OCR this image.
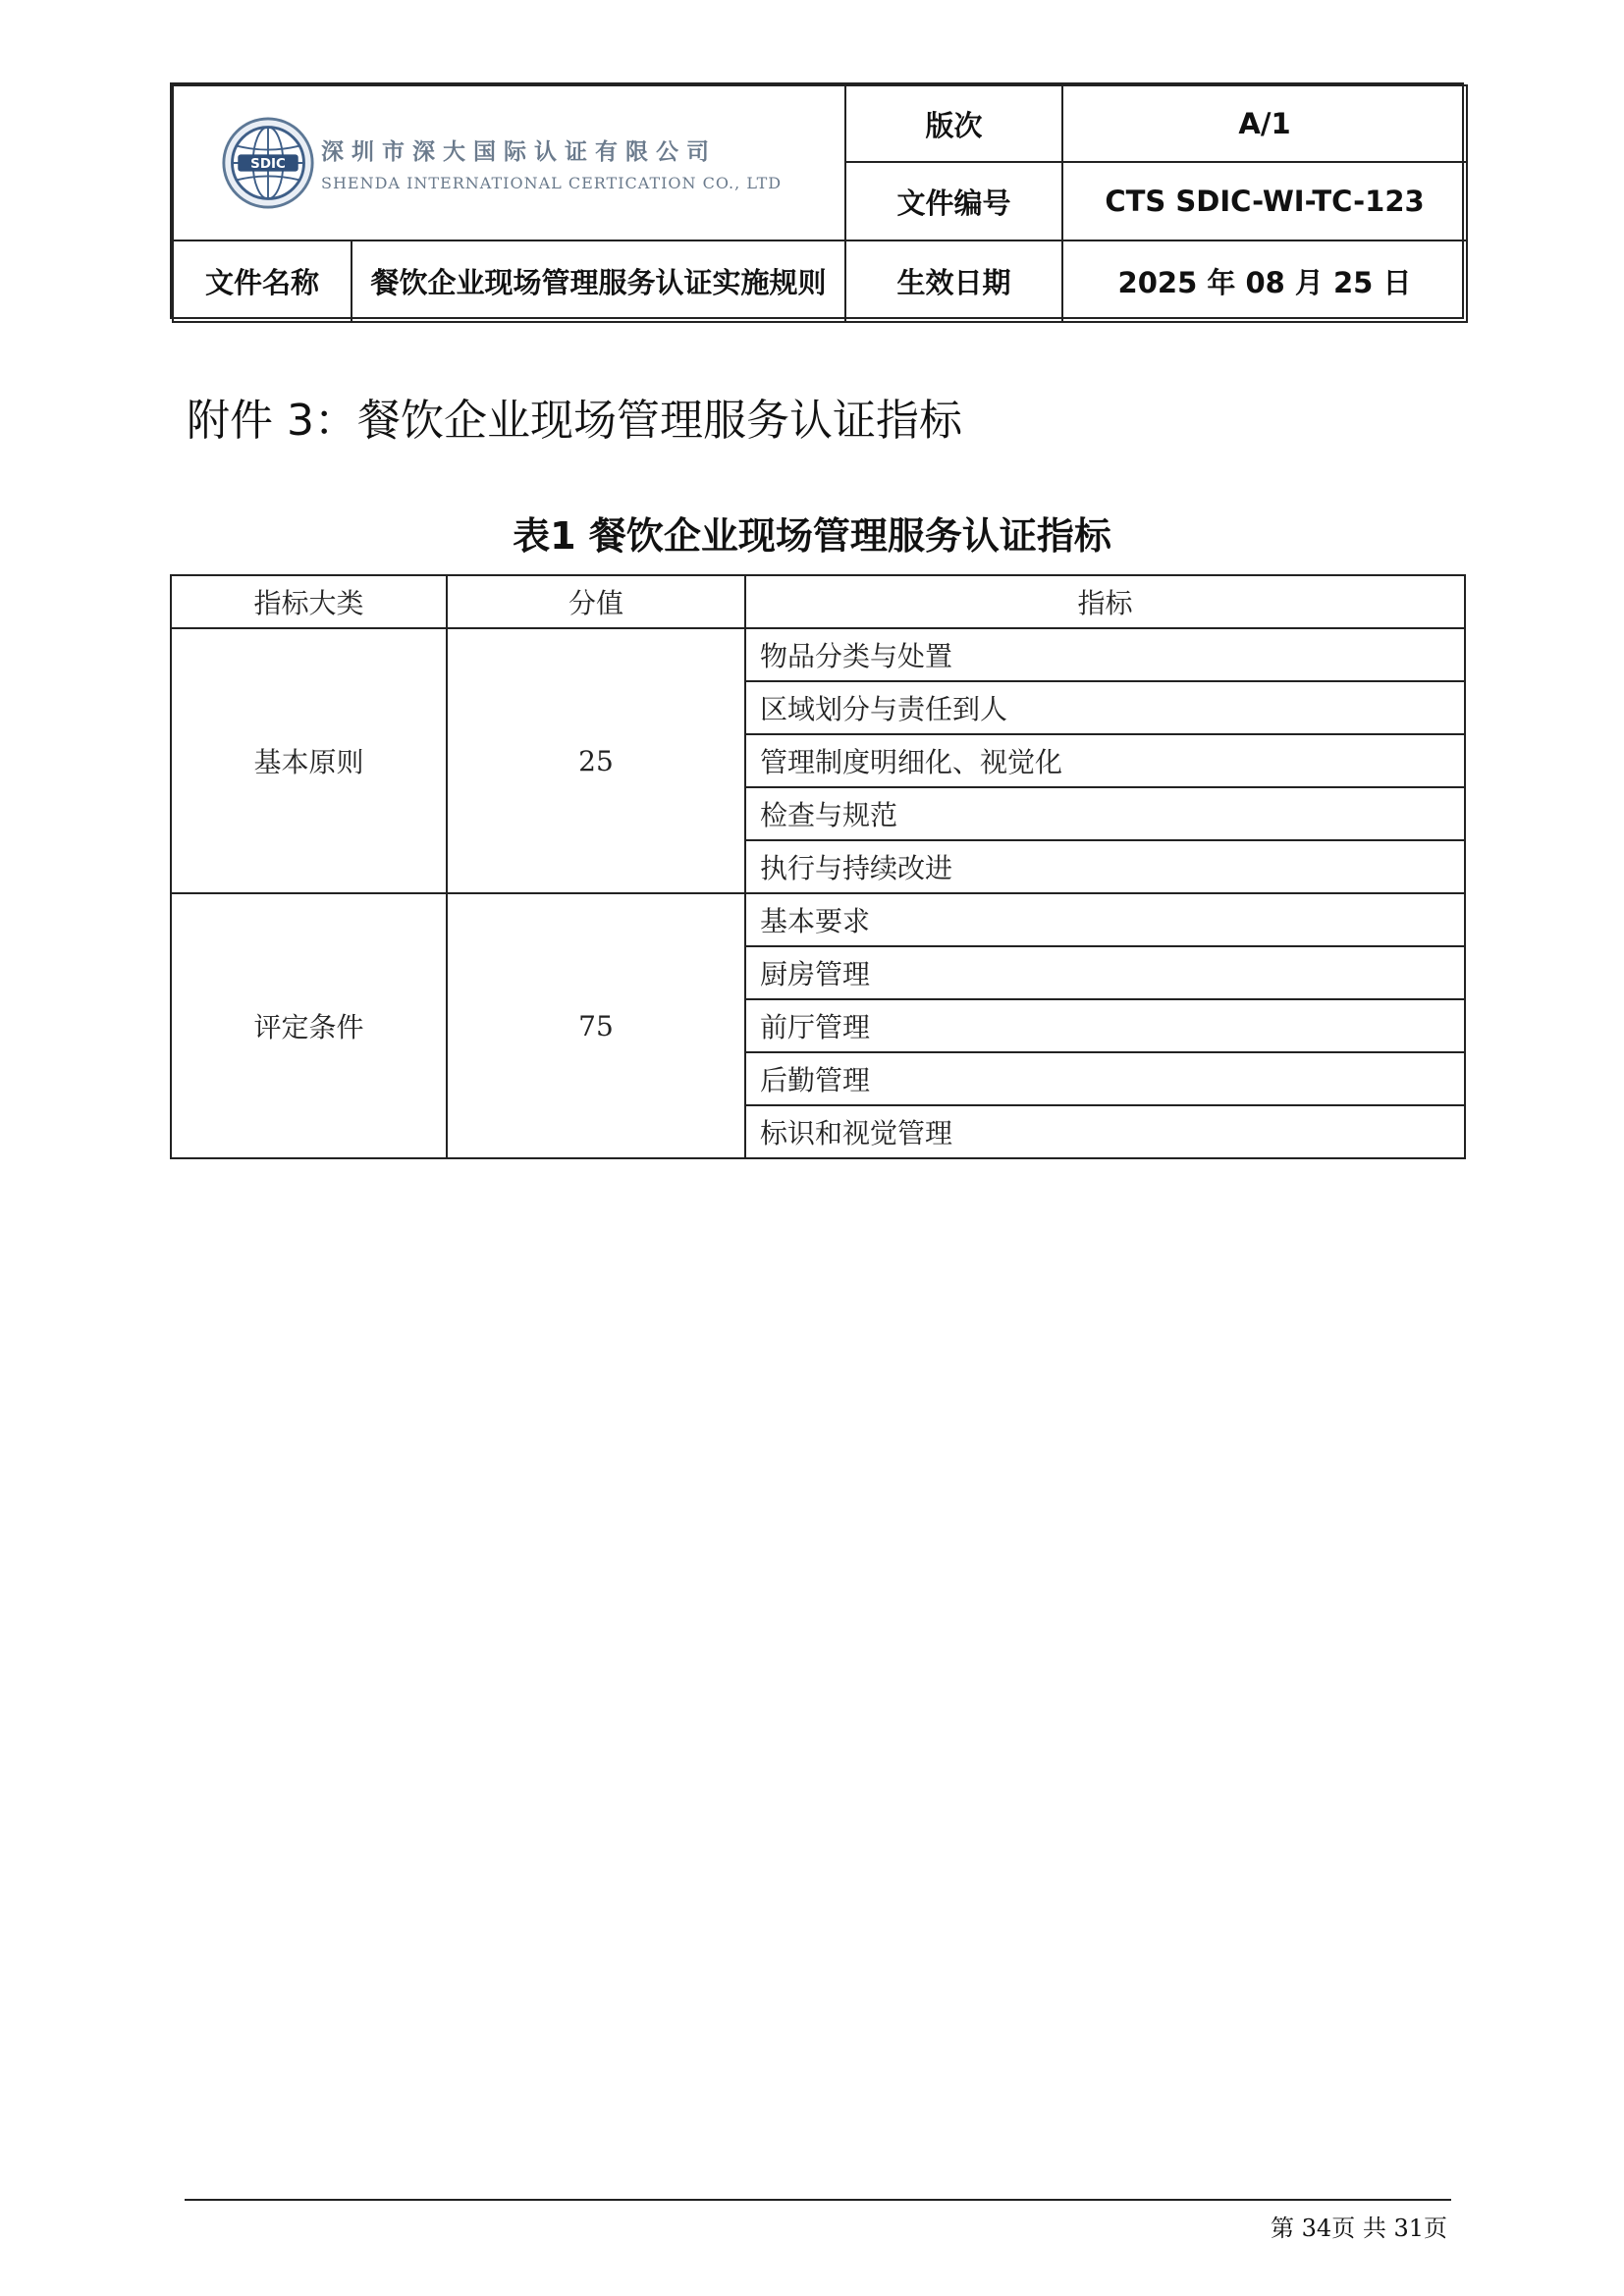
SDIC 深圳市深大国际认证有限公司
SHENDA INTERNATIONAL CERTICATION CO., LTD		版次	A/1
		文件编号	CTS SDIC-WI-TC-123
文件名称	餐饮企业现场管理服务认证实施规则	生效日期	2025 年 08 月 25 日
附件 3：餐饮企业现场管理服务认证指标
表1 餐饮企业现场管理服务认证指标
指标大类	分值	指标
基本原则	25	物品分类与处置
		区域划分与责任到人
		管理制度明细化、视觉化
		检查与规范
		执行与持续改进
评定条件	75	基本要求
		厨房管理
		前厅管理
		后勤管理
		标识和视觉管理
第 34页 共 31页
